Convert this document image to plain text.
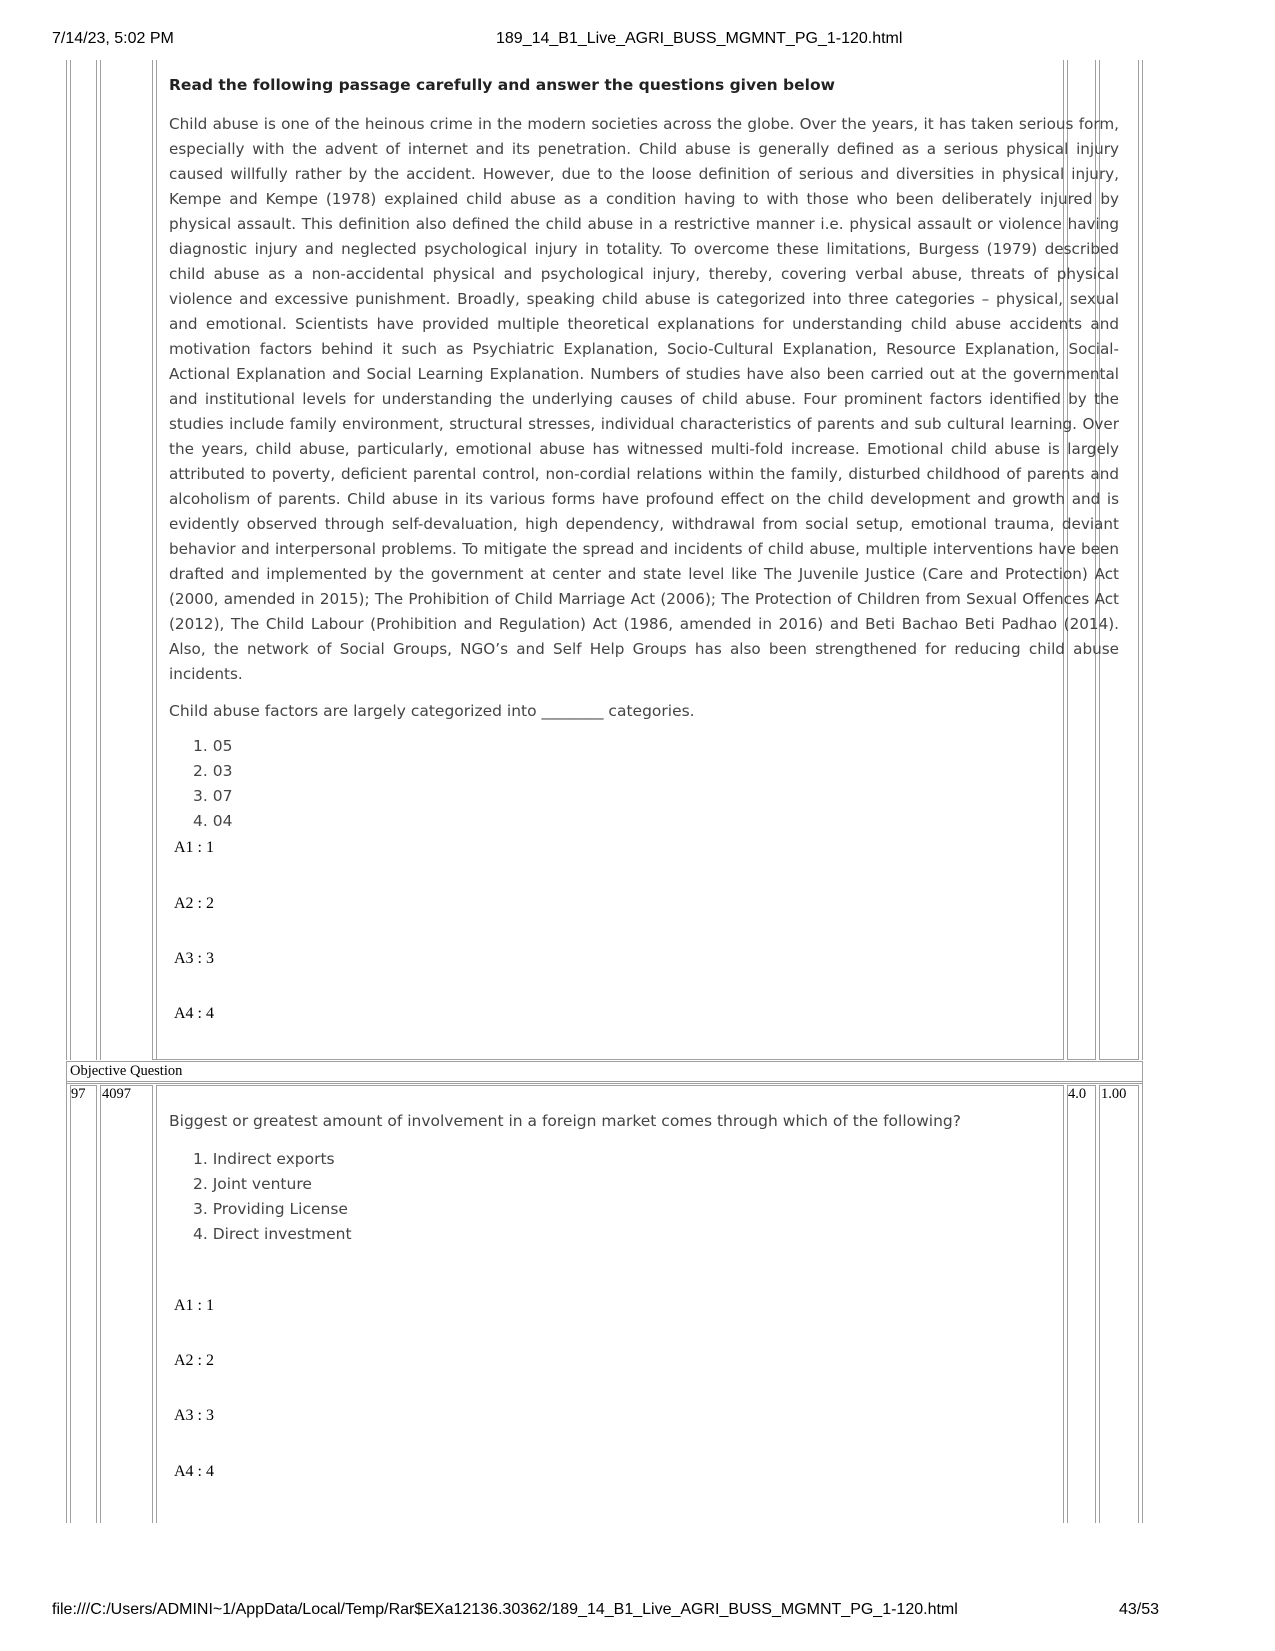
7/14/23, 5:02 PM	189_14_B1_Live_AGRI_BUSS_MGMNT_PG_1-120.html
Read the following passage carefully and answer the questions given below

Child abuse is one of the heinous crime in the modern societies across the globe. Over the years, it has taken serious form, especially with the advent of internet and its penetration. Child abuse is generally defined as a serious physical injury caused willfully rather by the accident. However, due to the loose definition of serious and diversities in physical injury, Kempe and Kempe (1978) explained child abuse as a condition having to with those who been deliberately injured by physical assault. This definition also defined the child abuse in a restrictive manner i.e. physical assault or violence having diagnostic injury and neglected psychological injury in totality. To overcome these limitations, Burgess (1979) described child abuse as a non-accidental physical and psychological injury, thereby, covering verbal abuse, threats of physical violence and excessive punishment. Broadly, speaking child abuse is categorized into three categories – physical, sexual and emotional. Scientists have provided multiple theoretical explanations for understanding child abuse accidents and motivation factors behind it such as Psychiatric Explanation, Socio-Cultural Explanation, Resource Explanation, Social-Actional Explanation and Social Learning Explanation. Numbers of studies have also been carried out at the governmental and institutional levels for understanding the underlying causes of child abuse. Four prominent factors identified by the studies include family environment, structural stresses, individual characteristics of parents and sub cultural learning. Over the years, child abuse, particularly, emotional abuse has witnessed multi-fold increase. Emotional child abuse is largely attributed to poverty, deficient parental control, non-cordial relations within the family, disturbed childhood of parents and alcoholism of parents. Child abuse in its various forms have profound effect on the child development and growth and is evidently observed through self-devaluation, high dependency, withdrawal from social setup, emotional trauma, deviant behavior and interpersonal problems. To mitigate the spread and incidents of child abuse, multiple interventions have been drafted and implemented by the government at center and state level like The Juvenile Justice (Care and Protection) Act (2000, amended in 2015); The Prohibition of Child Marriage Act (2006); The Protection of Children from Sexual Offences Act (2012), The Child Labour (Prohibition and Regulation) Act (1986, amended in 2016) and Beti Bachao Beti Padhao (2014). Also, the network of Social Groups, NGO’s and Self Help Groups has also been strengthened for reducing child abuse incidents.

Child abuse factors are largely categorized into ________ categories.

1. 05
2. 03
3. 07
4. 04
A1 : 1
A2 : 2
A3 : 3
A4 : 4
Objective Question
97 4097	4.0 1.00

Biggest or greatest amount of involvement in a foreign market comes through which of the following?

1. Indirect exports
2. Joint venture
3. Providing License
4. Direct investment
A1 : 1
A2 : 2
A3 : 3
A4 : 4
file:///C:/Users/ADMINI~1/AppData/Local/Temp/Rar$EXa12136.30362/189_14_B1_Live_AGRI_BUSS_MGMNT_PG_1-120.html	43/53
